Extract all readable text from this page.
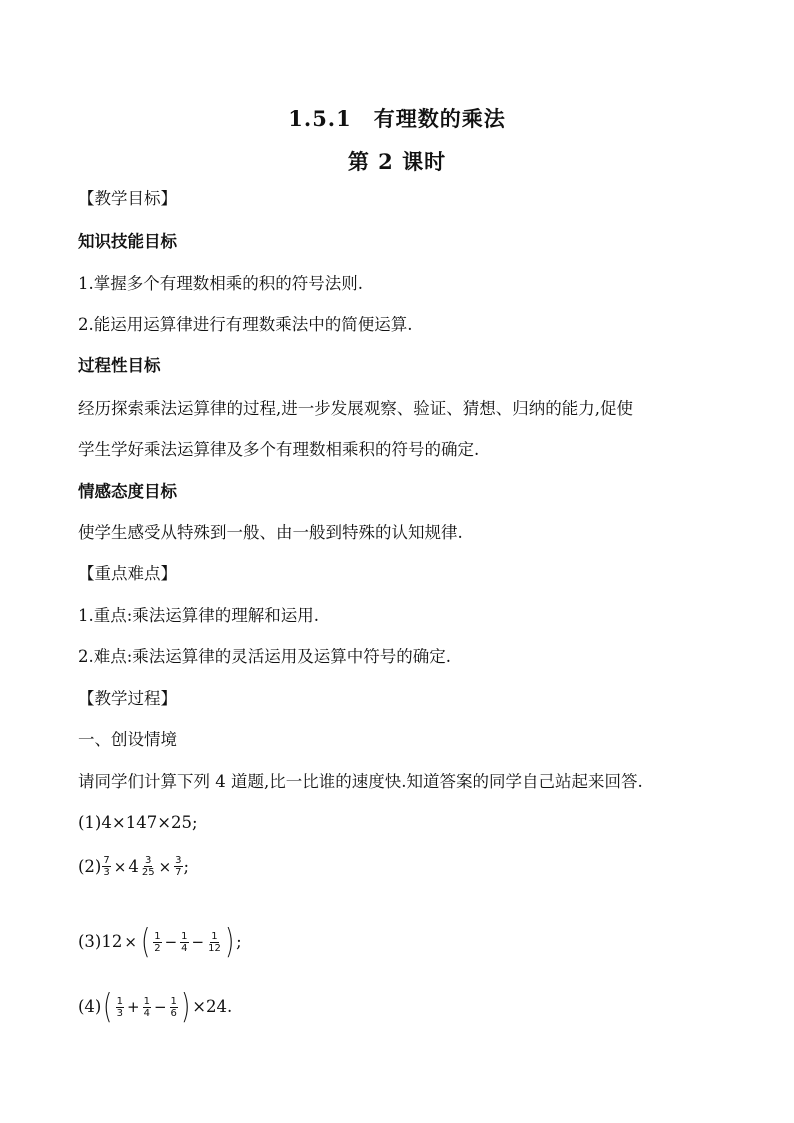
1.5.1　有理数的乘法
第 2 课时
【教学目标】
知识技能目标
1.掌握多个有理数相乘的积的符号法则.
2.能运用运算律进行有理数乘法中的简便运算.
过程性目标
经历探索乘法运算律的过程,进一步发展观察、验证、猜想、归纳的能力,促使
学生学好乘法运算律及多个有理数相乘积的符号的确定.
情感态度目标
使学生感受从特殊到一般、由一般到特殊的认知规律.
【重点难点】
1.重点:乘法运算律的理解和运用.
2.难点:乘法运算律的灵活运用及运算中符号的确定.
【教学过程】
一、创设情境
请同学们计算下列 4 道题,比一比谁的速度快.知道答案的同学自己站起来回答.
(1)4×147×25;
$(2) \frac{7}{3} \times 4 \frac{3}{25} \times \frac{3}{7}$ ;
(3) 12 × ( $\frac{1}{2} - \frac{1}{4} - \frac{1}{12}$ ) ;
(4) ( $\frac{1}{3} + \frac{1}{4} - \frac{1}{6}$ ) ×24.
